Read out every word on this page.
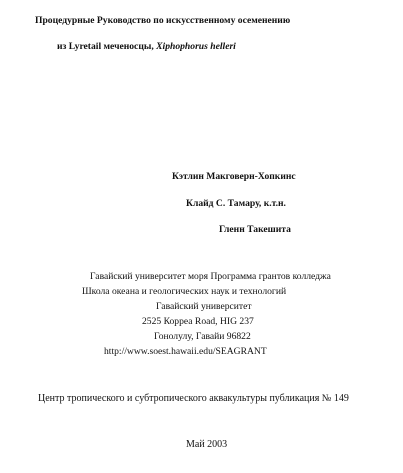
Процедурные Руководство по искусственному осеменению
из Lyretail меченосцы, Xiphophorus helleri
Кэтлин Макговерн-Хопкинс
Клайд С. Тамару, к.т.н.
Гленн Такешита
Гавайский университет моря Программа грантов колледжа
Школа океана и геологических наук и технологий
Гавайский университет
2525 Корреа Road, HIG 237
Гонолулу, Гавайи 96822
http://www.soest.hawaii.edu/SEAGRANT
Центр тропического и субтропического аквакультуры публикация № 149
Май 2003
